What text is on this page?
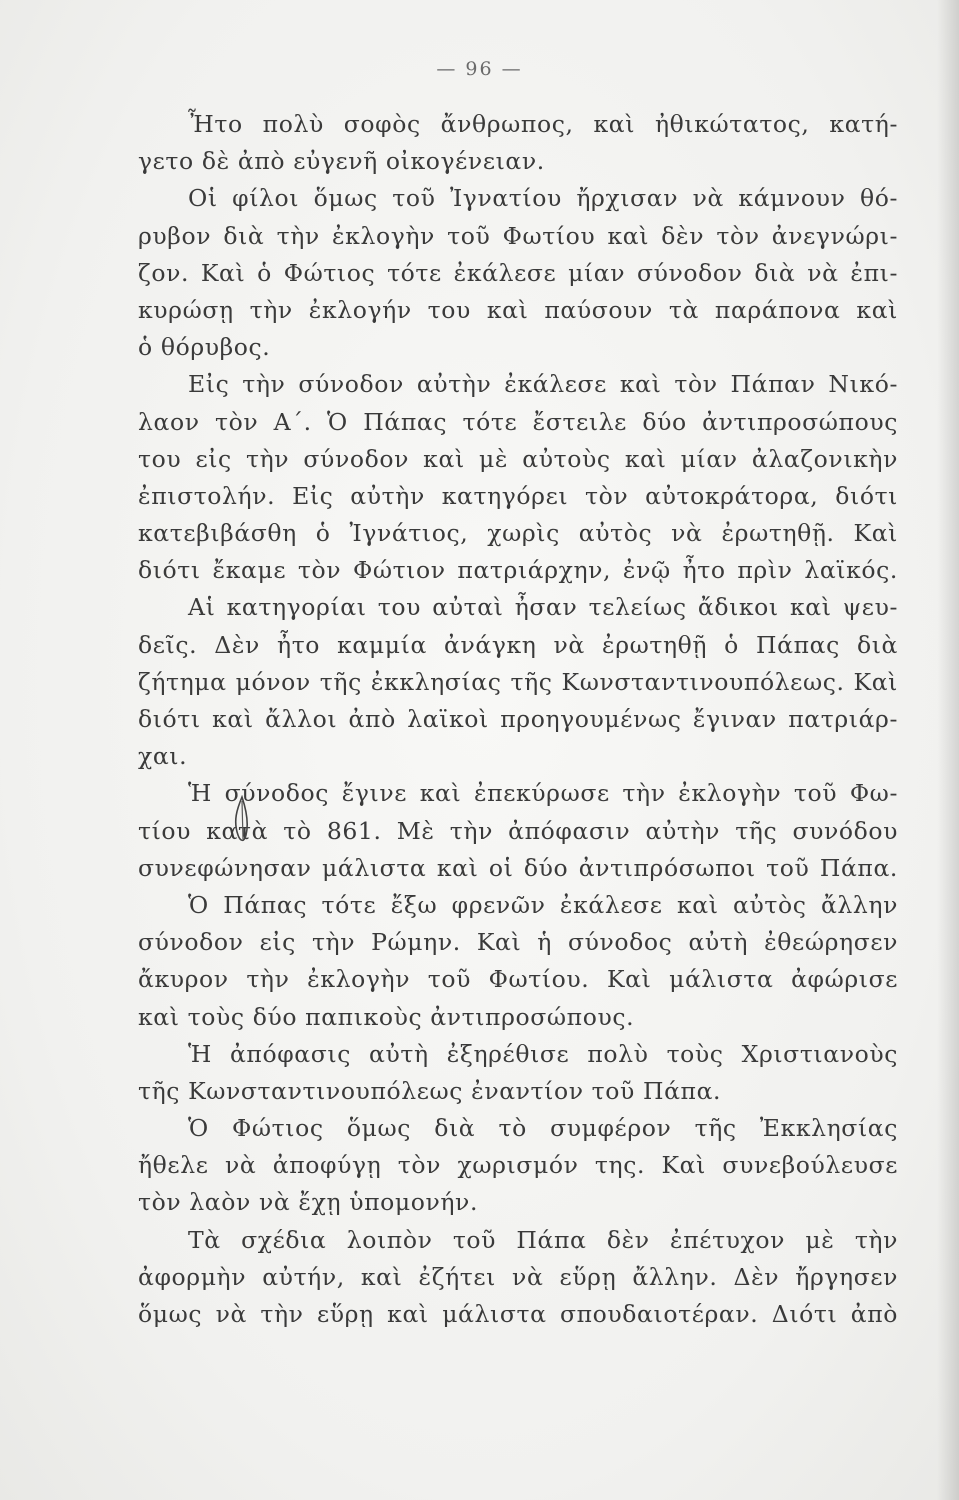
— 96 —

Ἦτο πολὺ σοφὸς ἄνθρωπος, καὶ ἠθικώτατος, κατή-
γετο δὲ ἀπὸ εὐγενῆ οἰκογένειαν.
Οἱ φίλοι ὅμως τοῦ Ἰγνατίου ἤρχισαν νὰ κάμνουν θό-
ρυβον διὰ τὴν ἐκλογὴν τοῦ Φωτίου καὶ δὲν τὸν ἀνεγνώρι-
ζον. Καὶ ὁ Φώτιος τότε ἐκάλεσε μίαν σύνοδον διὰ νὰ ἐπι-
κυρώσῃ τὴν ἐκλογήν του καὶ παύσουν τὰ παράπονα καὶ
ὁ θόρυβος.
Εἰς τὴν σύνοδον αὐτὴν ἐκάλεσε καὶ τὸν Πάπαν Νικό-
λαον τὸν Α΄. Ὁ Πάπας τότε ἔστειλε δύο ἀντιπροσώπους
του εἰς τὴν σύνοδον καὶ μὲ αὐτοὺς καὶ μίαν ἀλαζονικὴν
ἐπιστολήν. Εἰς αὐτὴν κατηγόρει τὸν αὐτοκράτορα, διότι
κατεβιβάσθη ὁ Ἰγνάτιος, χωρὶς αὐτὸς νὰ ἐρωτηθῇ. Καὶ
διότι ἔκαμε τὸν Φώτιον πατριάρχην, ἐνῷ ἦτο πρὶν λαϊκός.
Αἱ κατηγορίαι του αὐταὶ ἦσαν τελείως ἄδικοι καὶ ψευ-
δεῖς. Δὲν ἦτο καμμία ἀνάγκη νὰ ἐρωτηθῇ ὁ Πάπας διὰ
ζήτημα μόνον τῆς ἐκκλησίας τῆς Κωνσταντινουπόλεως. Καὶ
διότι καὶ ἄλλοι ἀπὸ λαϊκοὶ προηγουμένως ἔγιναν πατριάρ-
χαι.
Ἡ σύνοδος ἔγινε καὶ ἐπεκύρωσε τὴν ἐκλογὴν τοῦ Φω-
τίου κατὰ τὸ 861. Μὲ τὴν ἀπόφασιν αὐτὴν τῆς συνόδου
συνεφώνησαν μάλιστα καὶ οἱ δύο ἀντιπρόσωποι τοῦ Πάπα.
Ὁ Πάπας τότε ἔξω φρενῶν ἐκάλεσε καὶ αὐτὸς ἄλλην
σύνοδον εἰς τὴν Ρώμην. Καὶ ἡ σύνοδος αὐτὴ ἐθεώρησεν
ἄκυρον τὴν ἐκλογὴν τοῦ Φωτίου. Καὶ μάλιστα ἀφώρισε
καὶ τοὺς δύο παπικοὺς ἀντιπροσώπους.
Ἡ ἀπόφασις αὐτὴ ἐξηρέθισε πολὺ τοὺς Χριστιανοὺς
τῆς Κωνσταντινουπόλεως ἐναντίον τοῦ Πάπα.
Ὁ Φώτιος ὅμως διὰ τὸ συμφέρον τῆς Ἐκκλησίας
ἤθελε νὰ ἀποφύγῃ τὸν χωρισμόν της. Καὶ συνεβούλευσε
τὸν λαὸν νὰ ἔχῃ ὑπομονήν.
Τὰ σχέδια λοιπὸν τοῦ Πάπα δὲν ἐπέτυχον μὲ τὴν
ἀφορμὴν αὐτήν, καὶ ἐζήτει νὰ εὕρῃ ἄλλην. Δὲν ἤργησεν
ὅμως νὰ τὴν εὕρῃ καὶ μάλιστα σπουδαιοτέραν. Διότι ἀπὸ
